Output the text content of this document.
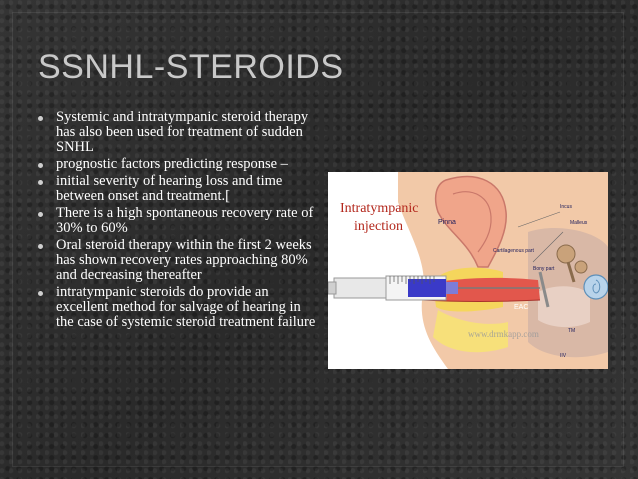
SSNHL-STEROIDS
Systemic and intratympanic steroid therapy has also been used for treatment of sudden SNHL
prognostic factors predicting response –
initial severity of hearing loss and time between onset and treatment.[
There is a high spontaneous recovery rate of 30% to 60%
Oral steroid therapy within the first 2 weeks has shown recovery rates approaching 80% and decreasing thereafter
intratympanic steroids do provide an excellent method for salvage of hearing in the case of systemic steroid treatment failure
Intratympanic
injection	Pinna
Incus
Malleus
Cartilagenous part
Bony part
EAC
TM
IIV
www.drmkapp.com
